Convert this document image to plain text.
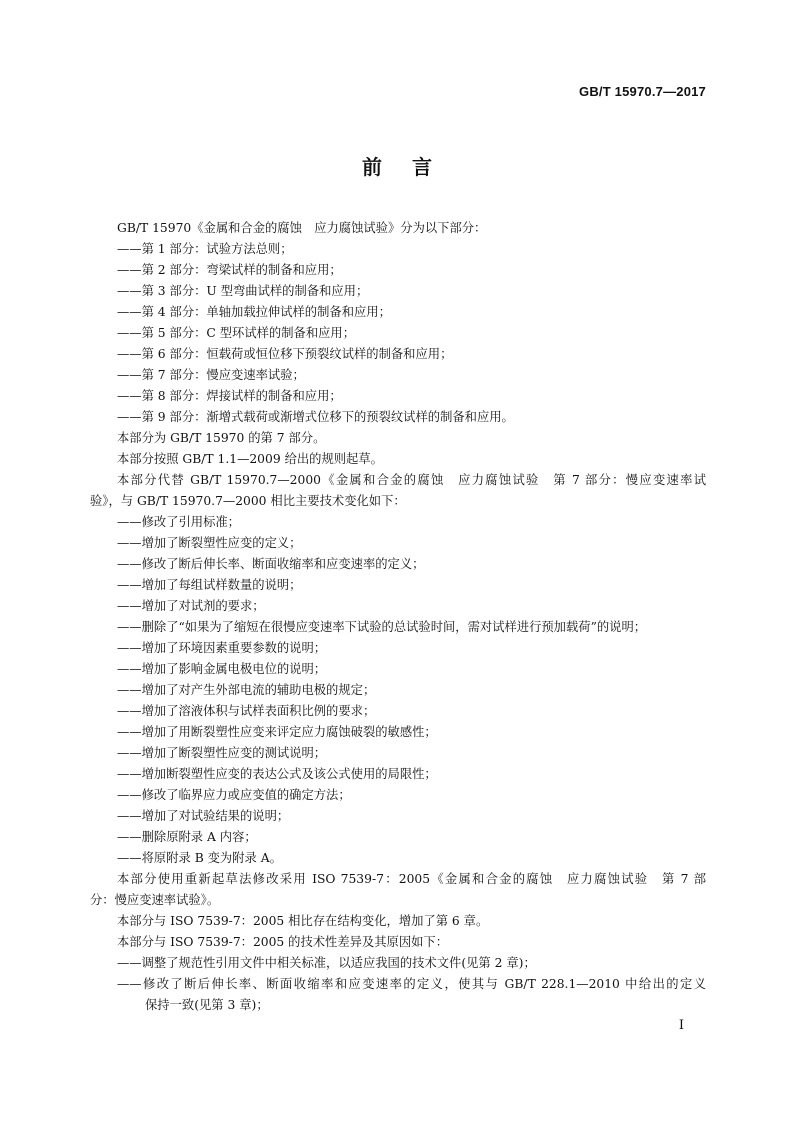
GB/T 15970.7—2017
前言
GB/T 15970《金属和合金的腐蚀　应力腐蚀试验》分为以下部分：
——第 1 部分：试验方法总则；
——第 2 部分：弯梁试样的制备和应用；
——第 3 部分：U 型弯曲试样的制备和应用；
——第 4 部分：单轴加载拉伸试样的制备和应用；
——第 5 部分：C 型环试样的制备和应用；
——第 6 部分：恒载荷或恒位移下预裂纹试样的制备和应用；
——第 7 部分：慢应变速率试验；
——第 8 部分：焊接试样的制备和应用；
——第 9 部分：渐增式载荷或渐增式位移下的预裂纹试样的制备和应用。
本部分为 GB/T 15970 的第 7 部分。
本部分按照 GB/T 1.1—2009 给出的规则起草。
本部分代替 GB/T 15970.7—2000《金属和合金的腐蚀　应力腐蚀试验　第 7 部分：慢应变速率试
验》，与 GB/T 15970.7—2000 相比主要技术变化如下：
——修改了引用标准；
——增加了断裂塑性应变的定义；
——修改了断后伸长率、断面收缩率和应变速率的定义；
——增加了每组试样数量的说明；
——增加了对试剂的要求；
——删除了“如果为了缩短在很慢应变速率下试验的总试验时间，需对试样进行预加载荷”的说明；
——增加了环境因素重要参数的说明；
——增加了影响金属电极电位的说明；
——增加了对产生外部电流的辅助电极的规定；
——增加了溶液体积与试样表面积比例的要求；
——增加了用断裂塑性应变来评定应力腐蚀破裂的敏感性；
——增加了断裂塑性应变的测试说明；
——增加断裂塑性应变的表达公式及该公式使用的局限性；
——修改了临界应力或应变值的确定方法；
——增加了对试验结果的说明；
——删除原附录 A 内容；
——将原附录 B 变为附录 A。
本部分使用重新起草法修改采用 ISO 7539-7：2005《金属和合金的腐蚀　应力腐蚀试验　第 7 部
分：慢应变速率试验》。
本部分与 ISO 7539-7：2005 相比存在结构变化，增加了第 6 章。
本部分与 ISO 7539-7：2005 的技术性差异及其原因如下：
——调整了规范性引用文件中相关标准，以适应我国的技术文件(见第 2 章)；
——修改了断后伸长率、断面收缩率和应变速率的定义，使其与 GB/T 228.1—2010 中给出的定义
保持一致(见第 3 章)；
I
